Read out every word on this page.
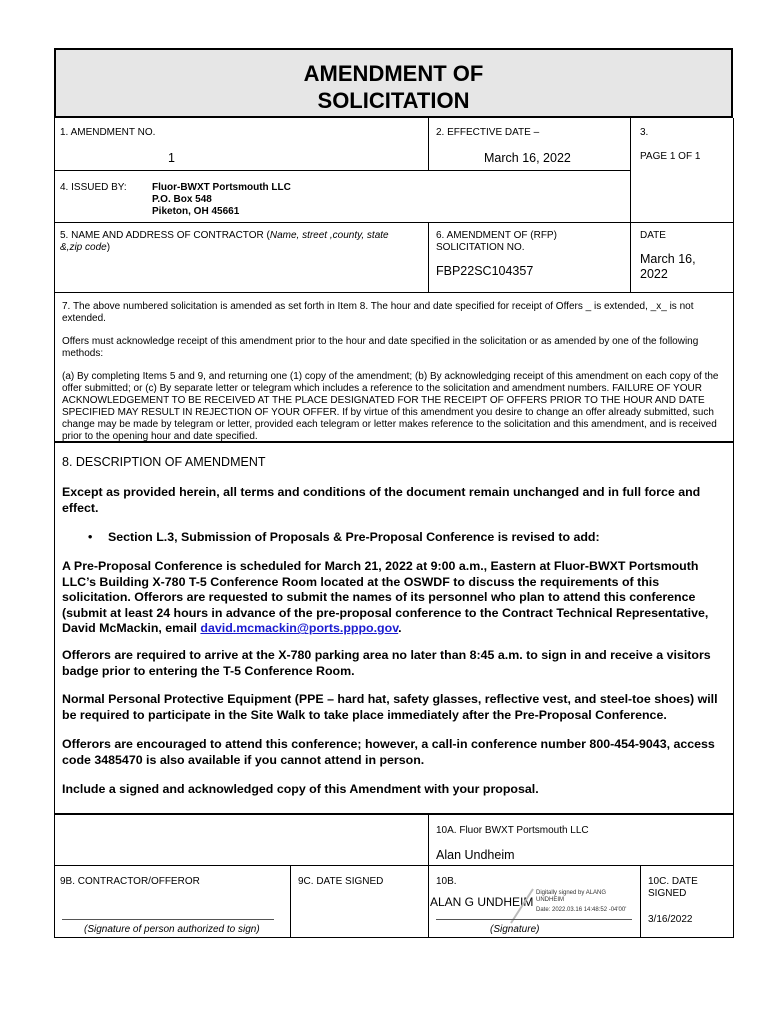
AMENDMENT OF
SOLICITATION
1. AMENDMENT NO.
1
2. EFFECTIVE DATE –
March 16, 2022
3.
PAGE 1 OF 1
4. ISSUED BY:	Fluor-BWXT Portsmouth LLC
P.O. Box 548
Piketon, OH 45661
5. NAME AND ADDRESS OF CONTRACTOR (Name, street ,county, state &,zip code)
6. AMENDMENT OF (RFP)
SOLICITATION NO.
FBP22SC104357
DATE
March 16,
2022
7. The above numbered solicitation is amended as set forth in Item 8. The hour and date specified for receipt of Offers _ is extended, _x_ is not extended.
Offers must acknowledge receipt of this amendment prior to the hour and date specified in the solicitation or as amended by one of the following methods:
(a) By completing Items 5 and 9, and returning one (1) copy of the amendment; (b) By acknowledging receipt of this amendment on each copy of the offer submitted; or (c) By separate letter or telegram which includes a reference to the solicitation and amendment numbers. FAILURE OF YOUR ACKNOWLEDGEMENT TO BE RECEIVED AT THE PLACE DESIGNATED FOR THE RECEIPT OF OFFERS PRIOR TO THE HOUR AND DATE SPECIFIED MAY RESULT IN REJECTION OF YOUR OFFER. If by virtue of this amendment you desire to change an offer already submitted, such change may be made by telegram or letter, provided each telegram or letter makes reference to the solicitation and this amendment, and is received prior to the opening hour and date specified.
8. DESCRIPTION OF AMENDMENT
Except as provided herein, all terms and conditions of the document remain unchanged and in full force and effect.
• Section L.3, Submission of Proposals & Pre-Proposal Conference is revised to add:
A Pre-Proposal Conference is scheduled for March 21, 2022 at 9:00 a.m., Eastern at Fluor-BWXT Portsmouth LLC’s Building X-780 T-5 Conference Room located at the OSWDF to discuss the requirements of this solicitation. Offerors are requested to submit the names of its personnel who plan to attend this conference (submit at least 24 hours in advance of the pre-proposal conference to the Contract Technical Representative, David McMackin, email david.mcmackin@ports.pppo.gov.
Offerors are required to arrive at the X-780 parking area no later than 8:45 a.m. to sign in and receive a visitors badge prior to entering the T-5 Conference Room.
Normal Personal Protective Equipment (PPE – hard hat, safety glasses, reflective vest, and steel-toe shoes) will be required to participate in the Site Walk to take place immediately after the Pre-Proposal Conference.
Offerors are encouraged to attend this conference; however, a call-in conference number 800-454-9043, access code 3485470 is also available if you cannot attend in person.
Include a signed and acknowledged copy of this Amendment with your proposal.
10A. Fluor BWXT Portsmouth LLC
Alan Undheim
9B. CONTRACTOR/OFFEROR	9C. DATE SIGNED	10B.
ALAN G UNDHEIM
Digitally signed by ALANG
UNDHEIM
Date: 2022.03.16 14:48:52 -04'00'
10C. DATE
SIGNED
3/16/2022
(Signature of person authorized to sign)	(Signature)
